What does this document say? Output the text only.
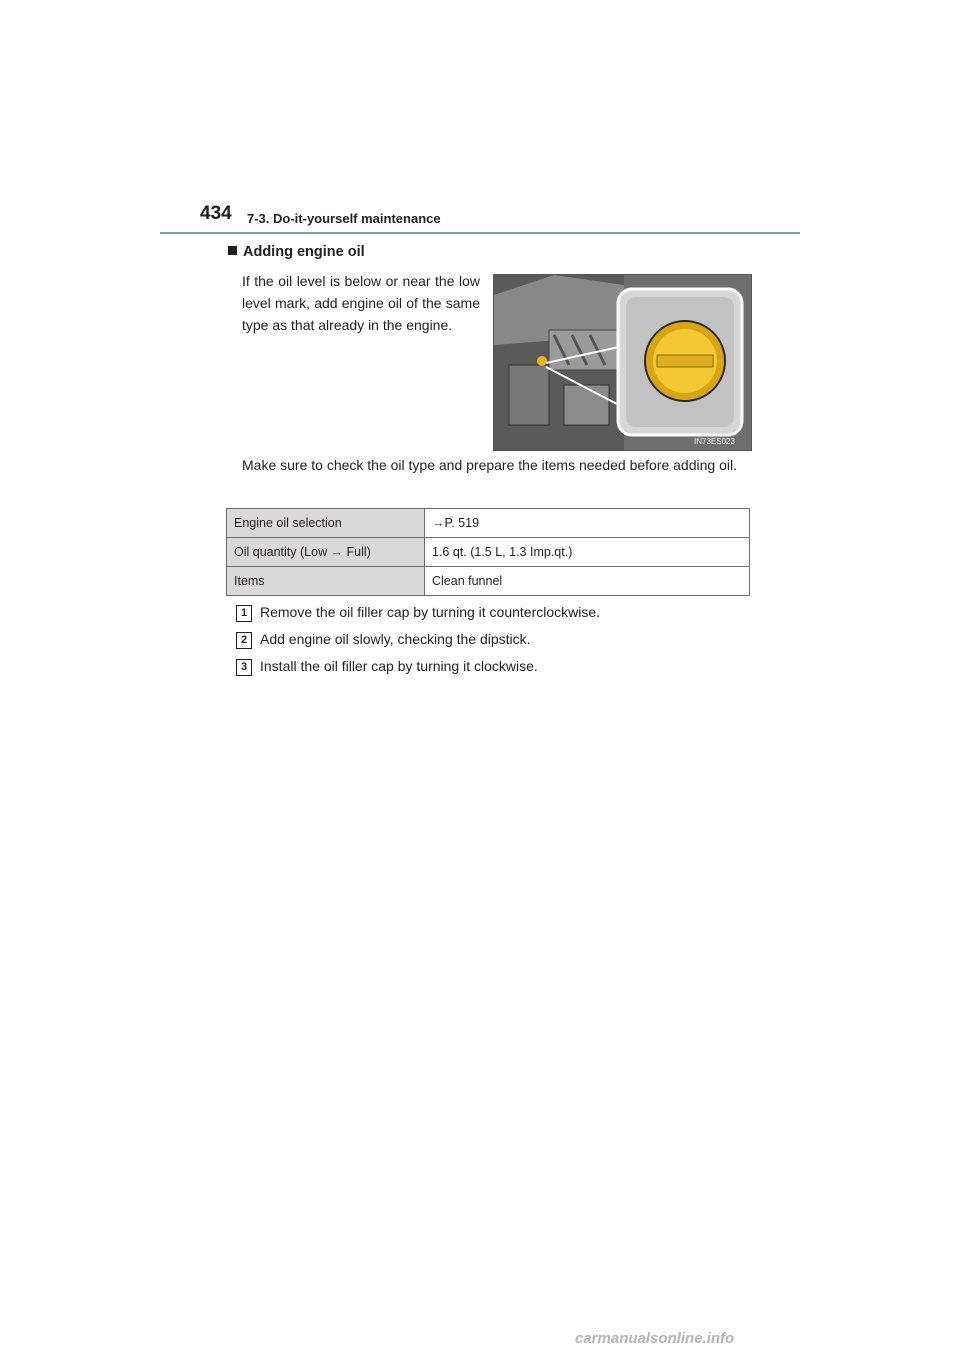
434 7-3. Do-it-yourself maintenance
Adding engine oil
If the oil level is below or near the low level mark, add engine oil of the same type as that already in the engine.
IN73ES023
Make sure to check the oil type and prepare the items needed before adding oil.
Engine oil selection	→P. 519
Oil quantity (Low → Full)	1.6 qt. (1.5 L, 1.3 Imp.qt.)
Items	Clean funnel
1 Remove the oil filler cap by turning it counterclockwise.
2 Add engine oil slowly, checking the dipstick.
3 Install the oil filler cap by turning it clockwise.
carmanualsonline.info
